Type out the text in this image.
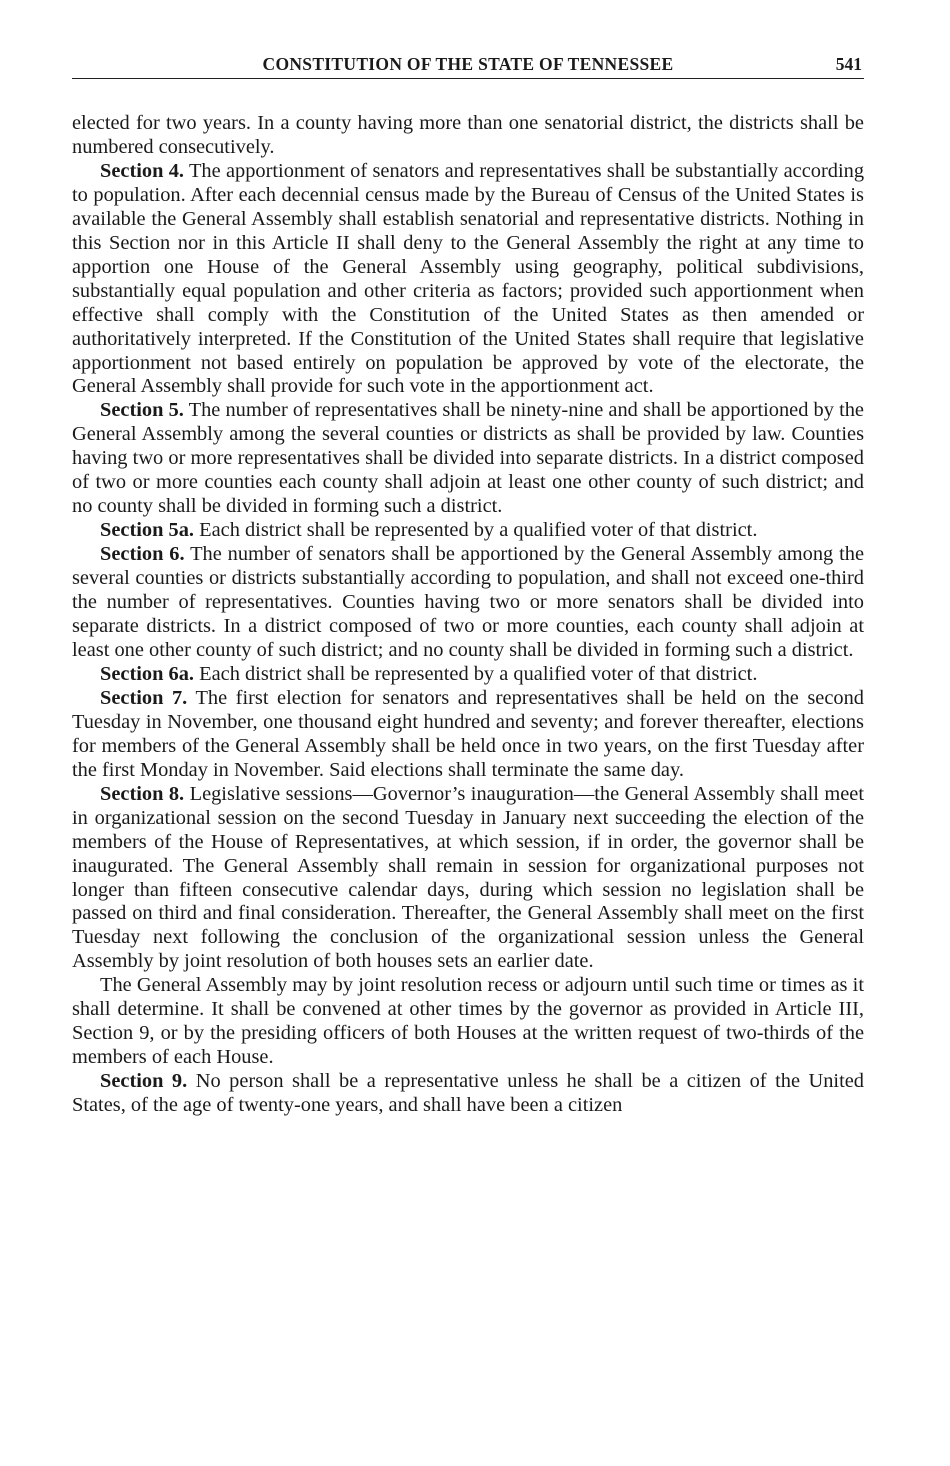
CONSTITUTION OF THE STATE OF TENNESSEE	541

elected for two years. In a county having more than one senatorial district, the districts shall be numbered consecutively.

Section 4. The apportionment of senators and representatives shall be substantially according to population. After each decennial census made by the Bureau of Census of the United States is available the General Assembly shall establish senatorial and representative districts. Nothing in this Section nor in this Article II shall deny to the General Assembly the right at any time to apportion one House of the General Assembly using geography, political subdivisions, substantially equal population and other criteria as factors; provided such apportionment when effective shall comply with the Constitution of the United States as then amended or authoritatively interpreted. If the Constitution of the United States shall require that legislative apportionment not based entirely on population be approved by vote of the electorate, the General Assembly shall provide for such vote in the apportionment act.

Section 5. The number of representatives shall be ninety-nine and shall be apportioned by the General Assembly among the several counties or districts as shall be provided by law. Counties having two or more representatives shall be divided into separate districts. In a district composed of two or more counties each county shall adjoin at least one other county of such district; and no county shall be divided in forming such a district.

Section 5a. Each district shall be represented by a qualified voter of that district.

Section 6. The number of senators shall be apportioned by the General Assembly among the several counties or districts substantially according to population, and shall not exceed one-third the number of representatives. Counties having two or more senators shall be divided into separate districts. In a district composed of two or more counties, each county shall adjoin at least one other county of such district; and no county shall be divided in forming such a district.

Section 6a. Each district shall be represented by a qualified voter of that district.

Section 7. The first election for senators and representatives shall be held on the second Tuesday in November, one thousand eight hundred and seventy; and forever thereafter, elections for members of the General Assembly shall be held once in two years, on the first Tuesday after the first Monday in November. Said elections shall terminate the same day.

Section 8. Legislative sessions—Governor’s inauguration—the General Assembly shall meet in organizational session on the second Tuesday in January next succeeding the election of the members of the House of Representatives, at which session, if in order, the governor shall be inaugurated. The General Assembly shall remain in session for organizational purposes not longer than fifteen consecutive calendar days, during which session no legislation shall be passed on third and final consideration. Thereafter, the General Assembly shall meet on the first Tuesday next following the conclusion of the organizational session unless the General Assembly by joint resolution of both houses sets an earlier date.

The General Assembly may by joint resolution recess or adjourn until such time or times as it shall determine. It shall be convened at other times by the governor as provided in Article III, Section 9, or by the presiding officers of both Houses at the written request of two-thirds of the members of each House.

Section 9. No person shall be a representative unless he shall be a citizen of the United States, of the age of twenty-one years, and shall have been a citizen
